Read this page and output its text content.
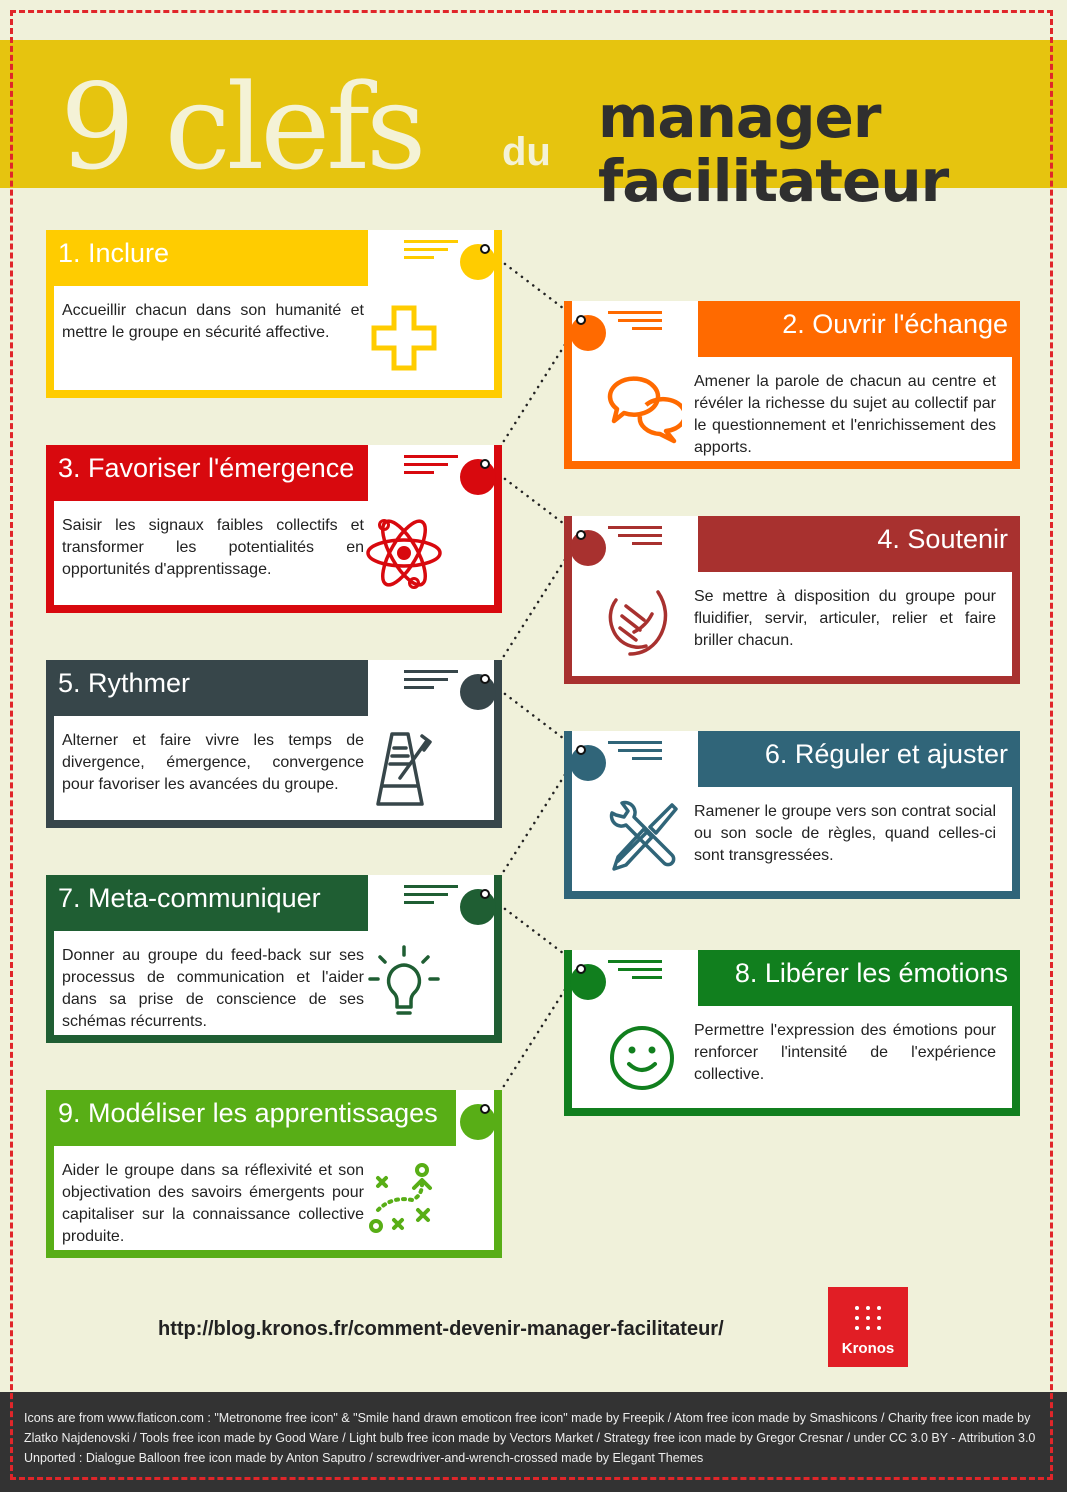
9 clefs du
manager
facilitateur
1. Inclure
Accueillir chacun dans son humanité et mettre le groupe en sécurité affective.	2. Ouvrir l'échange
Amener la parole de chacun au centre et révéler la richesse du sujet au collectif par le questionnement et l'enrichissement des apports.
3. Favoriser l'émergence
Saisir les signaux faibles collectifs et transformer les potentialités en opportunités d'apprentissage.
4. Soutenir
Se mettre à disposition du groupe pour fluidifier, servir, articuler, relier et faire briller chacun.
5. Rythmer
Alterner et faire vivre les temps de divergence, émergence, convergence pour favoriser les avancées du groupe.
6. Réguler et ajuster
Ramener le groupe vers son contrat social ou son socle de règles, quand celles-ci sont transgressées.
7. Meta-communiquer
Donner au groupe du feed-back sur ses processus de communication et l'aider dans sa prise de conscience de ses schémas récurrents.
8. Libérer les émotions
Permettre l'expression des émotions pour renforcer l'intensité de l'expérience collective.
9. Modéliser les apprentissages
Aider le groupe dans sa réflexivité et son objectivation des savoirs émergents pour capitaliser sur la connaissance collective produite.
http://blog.kronos.fr/comment-devenir-manager-facilitateur/
Kronos
Icons are from www.flaticon.com : "Metronome free icon" & "Smile hand drawn emoticon free icon" made by Freepik / Atom free icon made by Smashicons / Charity free icon made by Zlatko Najdenovski / Tools free icon made by Good Ware / Light bulb free icon made by Vectors Market / Strategy free icon made by Gregor Cresnar / under CC 3.0 BY - Attribution 3.0 Unported : Dialogue Balloon free icon made by Anton Saputro / screwdriver-and-wrench-crossed made by Elegant Themes
